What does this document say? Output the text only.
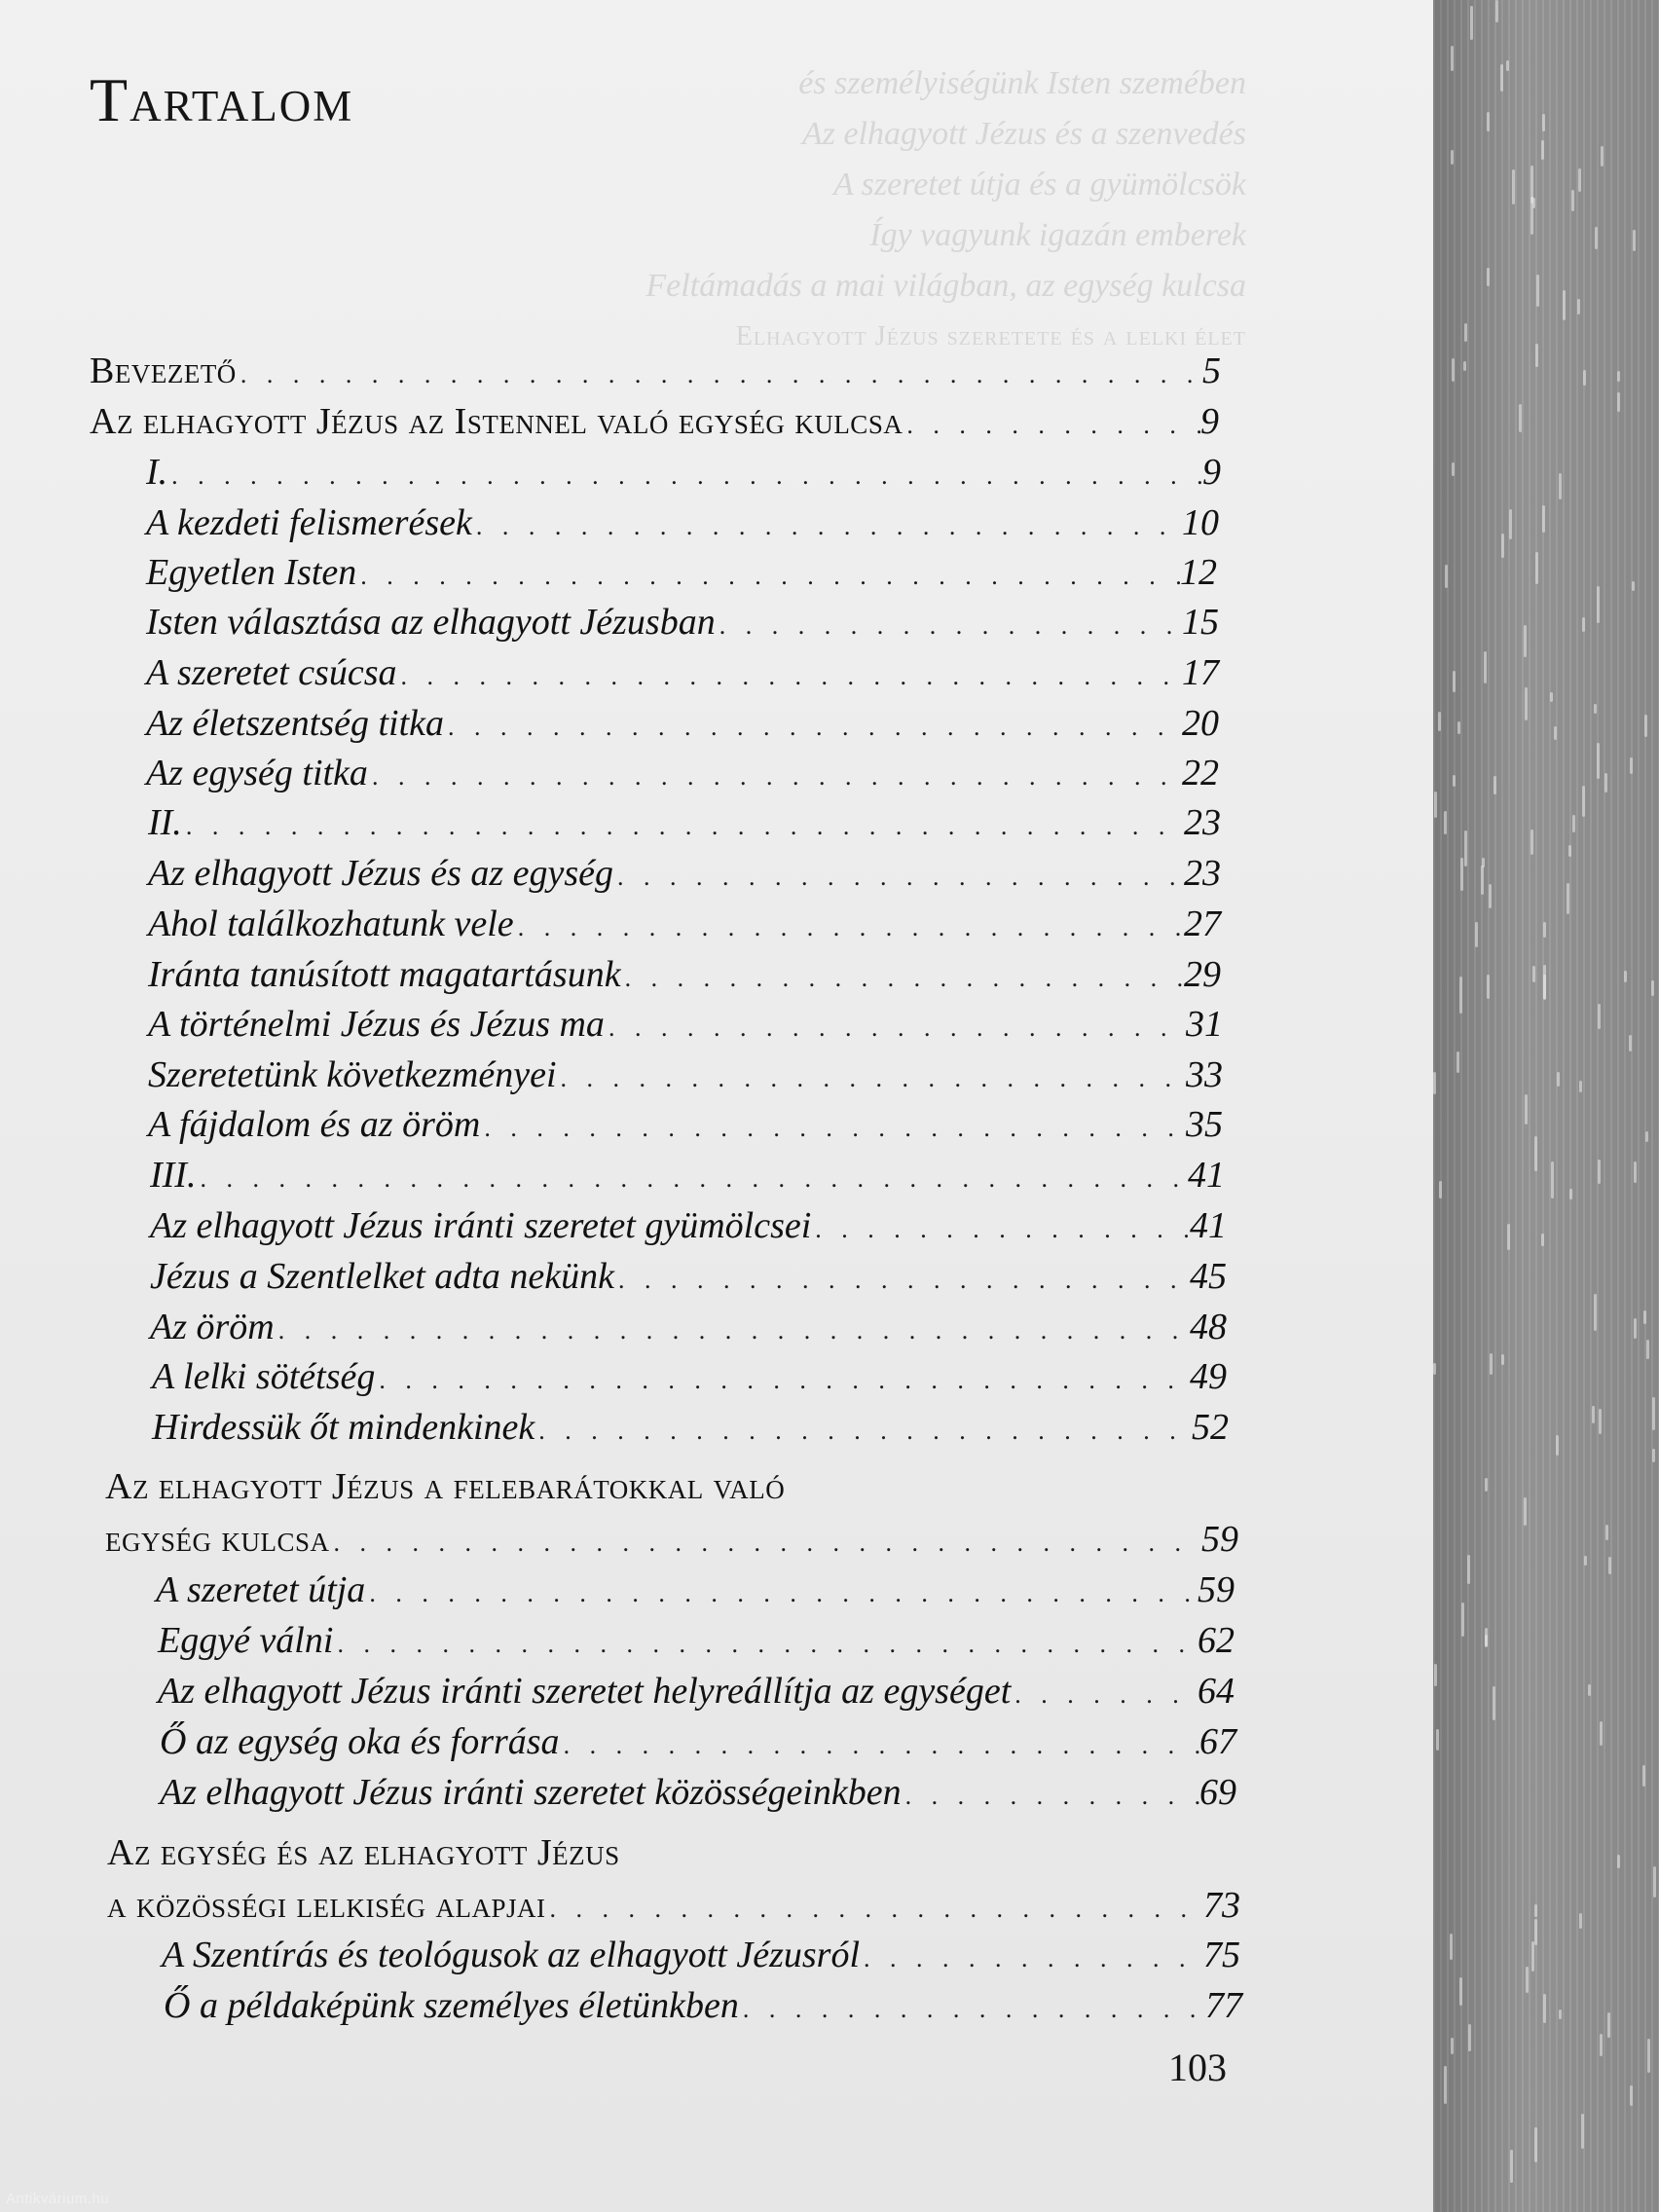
és személyiségünk Isten szemében
Az elhagyott Jézus és a szenvedés
A szeretet útja és a gyümölcsök
Így vagyunk igazán emberek
Feltámadás a mai világban, az egység kulcsa
Elhagyott Jézus szeretete és a lelki élet
Tartalom
Bevezető . . .	5
Az elhagyott Jézus az Istennel való egység kulcsa . . .	9
I. . . .	9
A kezdeti felismerések . . .	10
Egyetlen Isten . . .	12
Isten választása az elhagyott Jézusban . . .	15
A szeretet csúcsa . . .	17
Az életszentség titka . . .	20
Az egység titka . . .	22
II. . . .	23
Az elhagyott Jézus és az egység . . .	23
Ahol találkozhatunk vele . . .	27
Iránta tanúsított magatartásunk . . .	29
A történelmi Jézus és Jézus ma . . .	31
Szeretetünk következményei . . .	33
A fájdalom és az öröm . . .	35
III. . . .	41
Az elhagyott Jézus iránti szeretet gyümölcsei . . .	41
Jézus a Szentlelket adta nekünk . . .	45
Az öröm . . .	48
A lelki sötétség . . .	49
Hirdessük őt mindenkinek . . .	52
Az elhagyott Jézus a felebarátokkal való
egység kulcsa . . .	59
A szeretet útja . . .	59
Eggyé válni . . .	62
Az elhagyott Jézus iránti szeretet helyreállítja az egységet . . .	64
Ő az egység oka és forrása . . .	67
Az elhagyott Jézus iránti szeretet közösségeinkben . . .	69
Az egység és az elhagyott Jézus
a közösségi lelkiség alapjai . . .	73
A Szentírás és teológusok az elhagyott Jézusról . . .	75
Ő a példaképünk személyes életünkben . . .	77
103
Antikvárium.hu
